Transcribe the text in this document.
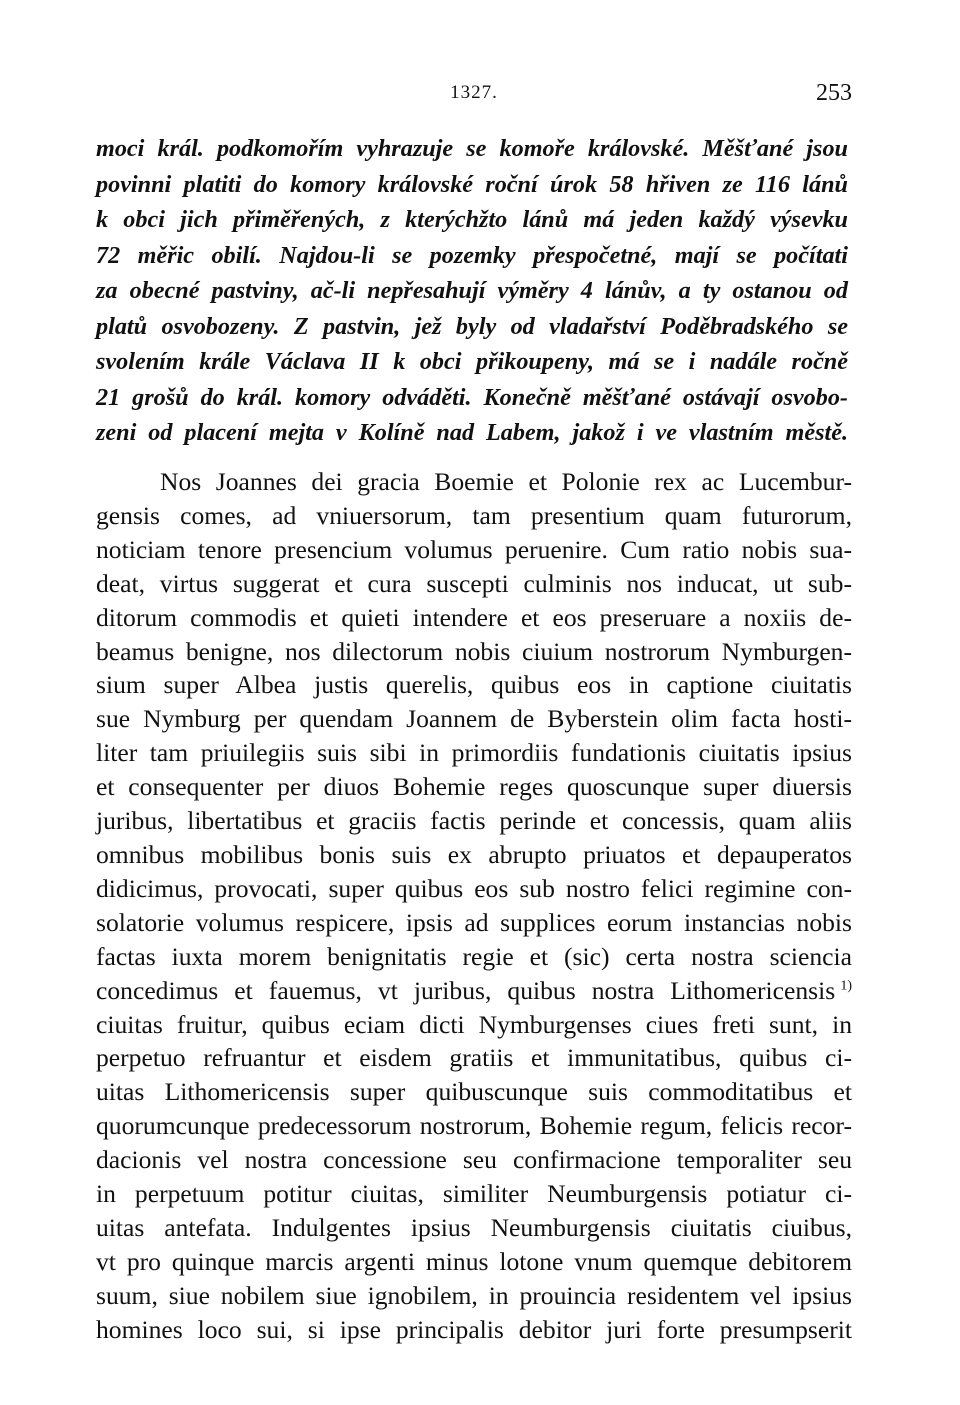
1327.	253
moci král. podkomořím vyhrazuje se komoře královské. Měšťané jsou
povinni platiti do komory královské roční úrok 58 hřiven ze 116 lánů
k obci jich přiměřených, z kterýchžto lánů má jeden každý výsevku
72 měřic obilí. Najdou-li se pozemky přespočetné, mají se počítati
za obecné pastviny, ač-li nepřesahují výměry 4 lánův, a ty ostanou od
platů osvobozeny. Z pastvin, jež byly od vladařství Poděbradského se
svolením krále Václava II k obci přikoupeny, má se i nadále ročně
21 grošů do král. komory odváděti. Konečně měšťané ostávají osvobo-
zeni od placení mejta v Kolíně nad Labem, jakož i ve vlastním městě.
Nos Joannes dei gracia Boemie et Polonie rex ac Lucembur-
gensis comes, ad vniuersorum, tam presentium quam futurorum,
noticiam tenore presencium volumus peruenire. Cum ratio nobis sua-
deat, virtus suggerat et cura suscepti culminis nos inducat, ut sub-
ditorum commodis et quieti intendere et eos preseruare a noxiis de-
beamus benigne, nos dilectorum nobis ciuium nostrorum Nymburgen-
sium super Albea justis querelis, quibus eos in captione ciuitatis
sue Nymburg per quendam Joannem de Byberstein olim facta hosti-
liter tam priuilegiis suis sibi in primordiis fundationis ciuitatis ipsius
et consequenter per diuos Bohemie reges quoscunque super diuersis
juribus, libertatibus et graciis factis perinde et concessis, quam aliis
omnibus mobilibus bonis suis ex abrupto priuatos et depauperatos
didicimus, provocati, super quibus eos sub nostro felici regimine con-
solatorie volumus respicere, ipsis ad supplices eorum instancias nobis
factas iuxta morem benignitatis regie et (sic) certa nostra sciencia
concedimus et fauemus, vt juribus, quibus nostra Lithomericensis  $^{1)}$
ciuitas fruitur, quibus eciam dicti Nymburgenses ciues freti sunt, in
perpetuo refruantur et eisdem gratiis et immunitatibus, quibus ci-
uitas Lithomericensis super quibuscunque suis commoditatibus et
quorumcunque predecessorum nostrorum, Bohemie regum, felicis recor-
dacionis vel nostra concessione seu confirmacione temporaliter seu
in perpetuum potitur ciuitas, similiter Neumburgensis potiatur ci-
uitas antefata. Indulgentes ipsius Neumburgensis ciuitatis ciuibus,
vt pro quinque marcis argenti minus lotone vnum quemque debitorem
suum, siue nobilem siue ignobilem, in prouincia residentem vel ipsius
homines loco sui, si ipse principalis debitor juri forte presumpserit
